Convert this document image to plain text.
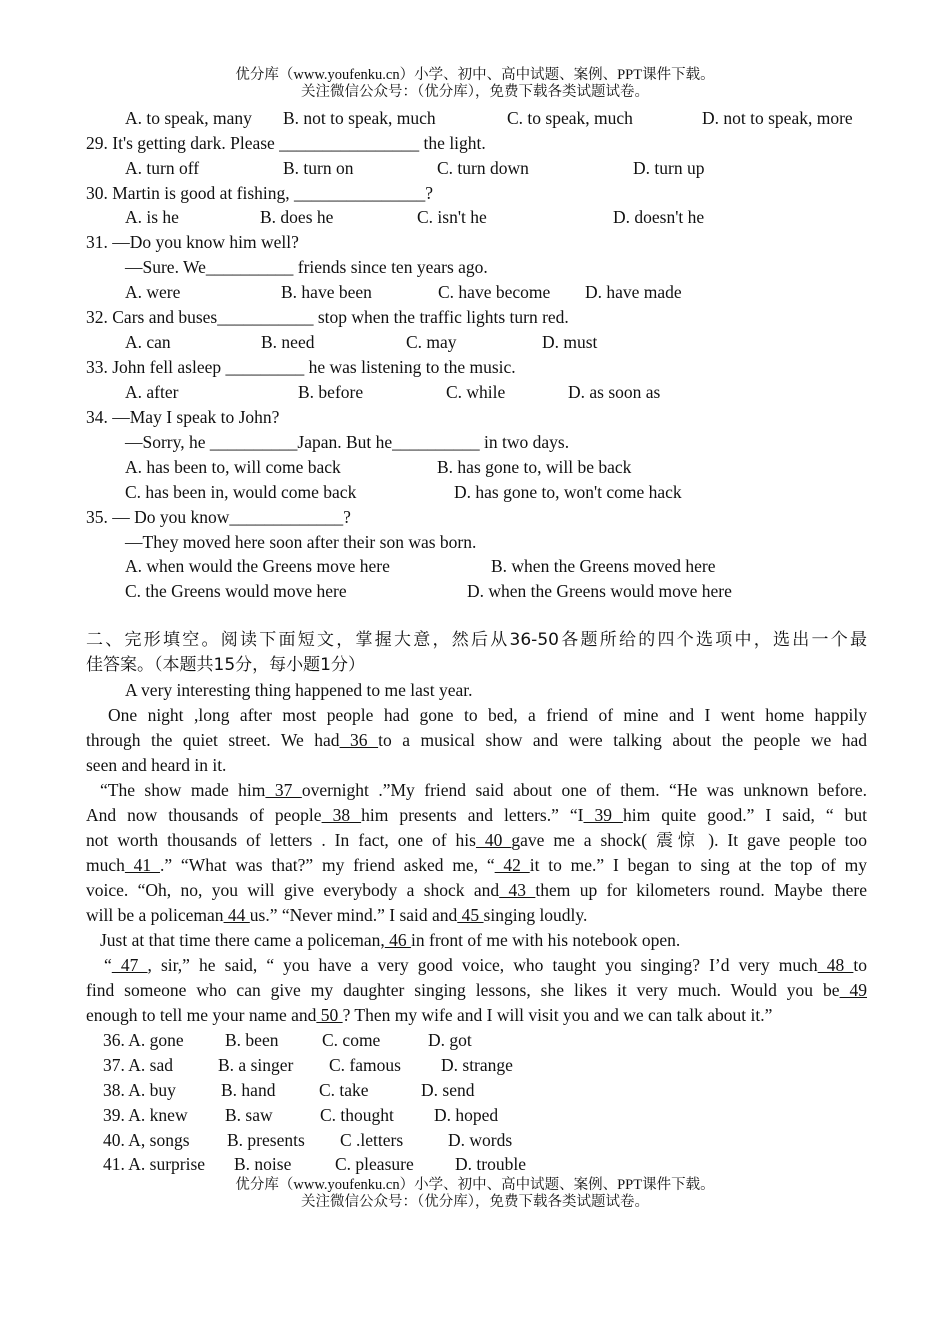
优分库（www.youfenku.cn）小学、初中、高中试题、案例、PPT课件下载。
关注微信公众号：（优分库），免费下载各类试题试卷。
A. to speak, many B. not to speak, much	C. to speak, much	D. not to speak, more
29. It's getting dark. Please ________________ the light.
A. turn off	B. turn on	C. turn down	D. turn up
30. Martin is good at fishing, _______________?
A. is he	B. does he	C. isn't he	D. doesn't he
31. —Do you know him well?
—Sure. We__________ friends since ten years ago.
A. were	B. have been	C. have become D. have made
32. Cars and buses___________ stop when the traffic lights turn red.
A. can	B. need	C. may	D. must
33. John fell asleep _________ he was listening to the music.
A. after	B. before	C. while	D. as soon as
34. —May I speak to John?
—Sorry, he __________Japan. But he__________ in two days.
A. has been to, will come back	B. has gone to, will be back
C. has been in, would come back	D. has gone to, won't come hack
35. — Do you know_____________?
—They moved here soon after their son was born.
A. when would the Greens move here	B. when the Greens moved here
C. the Greens would move here	D. when the Greens would move here
二、完形填空。阅读下面短文，掌握大意，然后从36-50各题所给的四个选项中，选出一个最
佳答案。（本题共15分，每小题1分）
A very interesting thing happened to me last year.
One night ,long after most people had gone to bed, a friend of mine and I went home happily
through the quiet street. We had 36 to a musical show and were talking about the people we had
seen and heard in it.
“The show made him 37 overnight .”My friend said about one of them. “He was unknown before.
And now thousands of people 38 him presents and letters.” “I 39 him quite good.” I said, “ but
not worth thousands of letters . In fact, one of his 40 gave me a shock( 震惊 ). It gave people too
much 41 .” “What was that?” my friend asked me, “ 42 it to me.” I began to sing at the top of my
voice. “Oh, no, you will give everybody a shock and 43 them up for kilometers round. Maybe there
will be a policeman 44 us.” “Never mind.” I said and 45 singing loudly.
Just at that time there came a policeman, 46 in front of me with his notebook open.
“ 47 , sir,” he said, “ you have a very good voice, who taught you singing? I’d very much 48 to
find someone who can give my daughter singing lessons, she likes it very much. Would you be 49
enough to tell me your name and 50 ? Then my wife and I will visit you and we can talk about it.”
36. A. gone B. been C. come	D. got
37. A. sad	B. a singer C. famous D. strange
38. A. buy	B. hand C. take	D. send
39. A. knew B. saw	C. thought D. hoped
40. A, songs B. presents C .letters	D. words
41. A. surprise B. noise C. pleasure D. trouble
优分库（www.youfenku.cn）小学、初中、高中试题、案例、PPT课件下载。
关注微信公众号：（优分库），免费下载各类试题试卷。
